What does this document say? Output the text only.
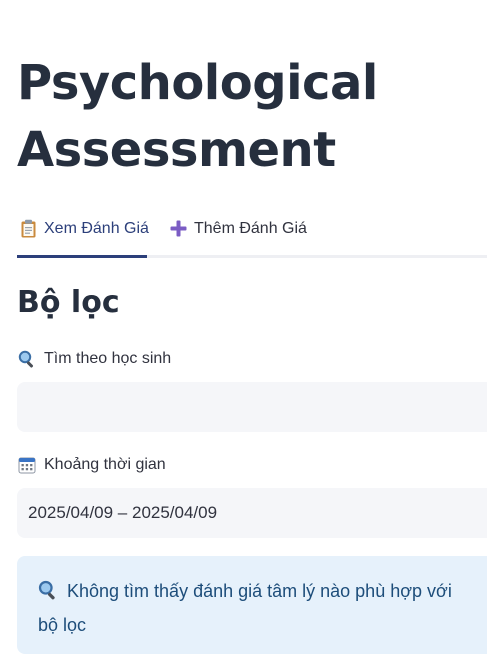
Psychological
Assessment
Xem Đánh Giá	Thêm Đánh Giá
Bộ lọc
Tìm theo học sinh
Khoảng thời gian
2025/04/09 – 2025/04/09
Không tìm thấy đánh giá tâm lý nào phù hợp với bộ lọc
